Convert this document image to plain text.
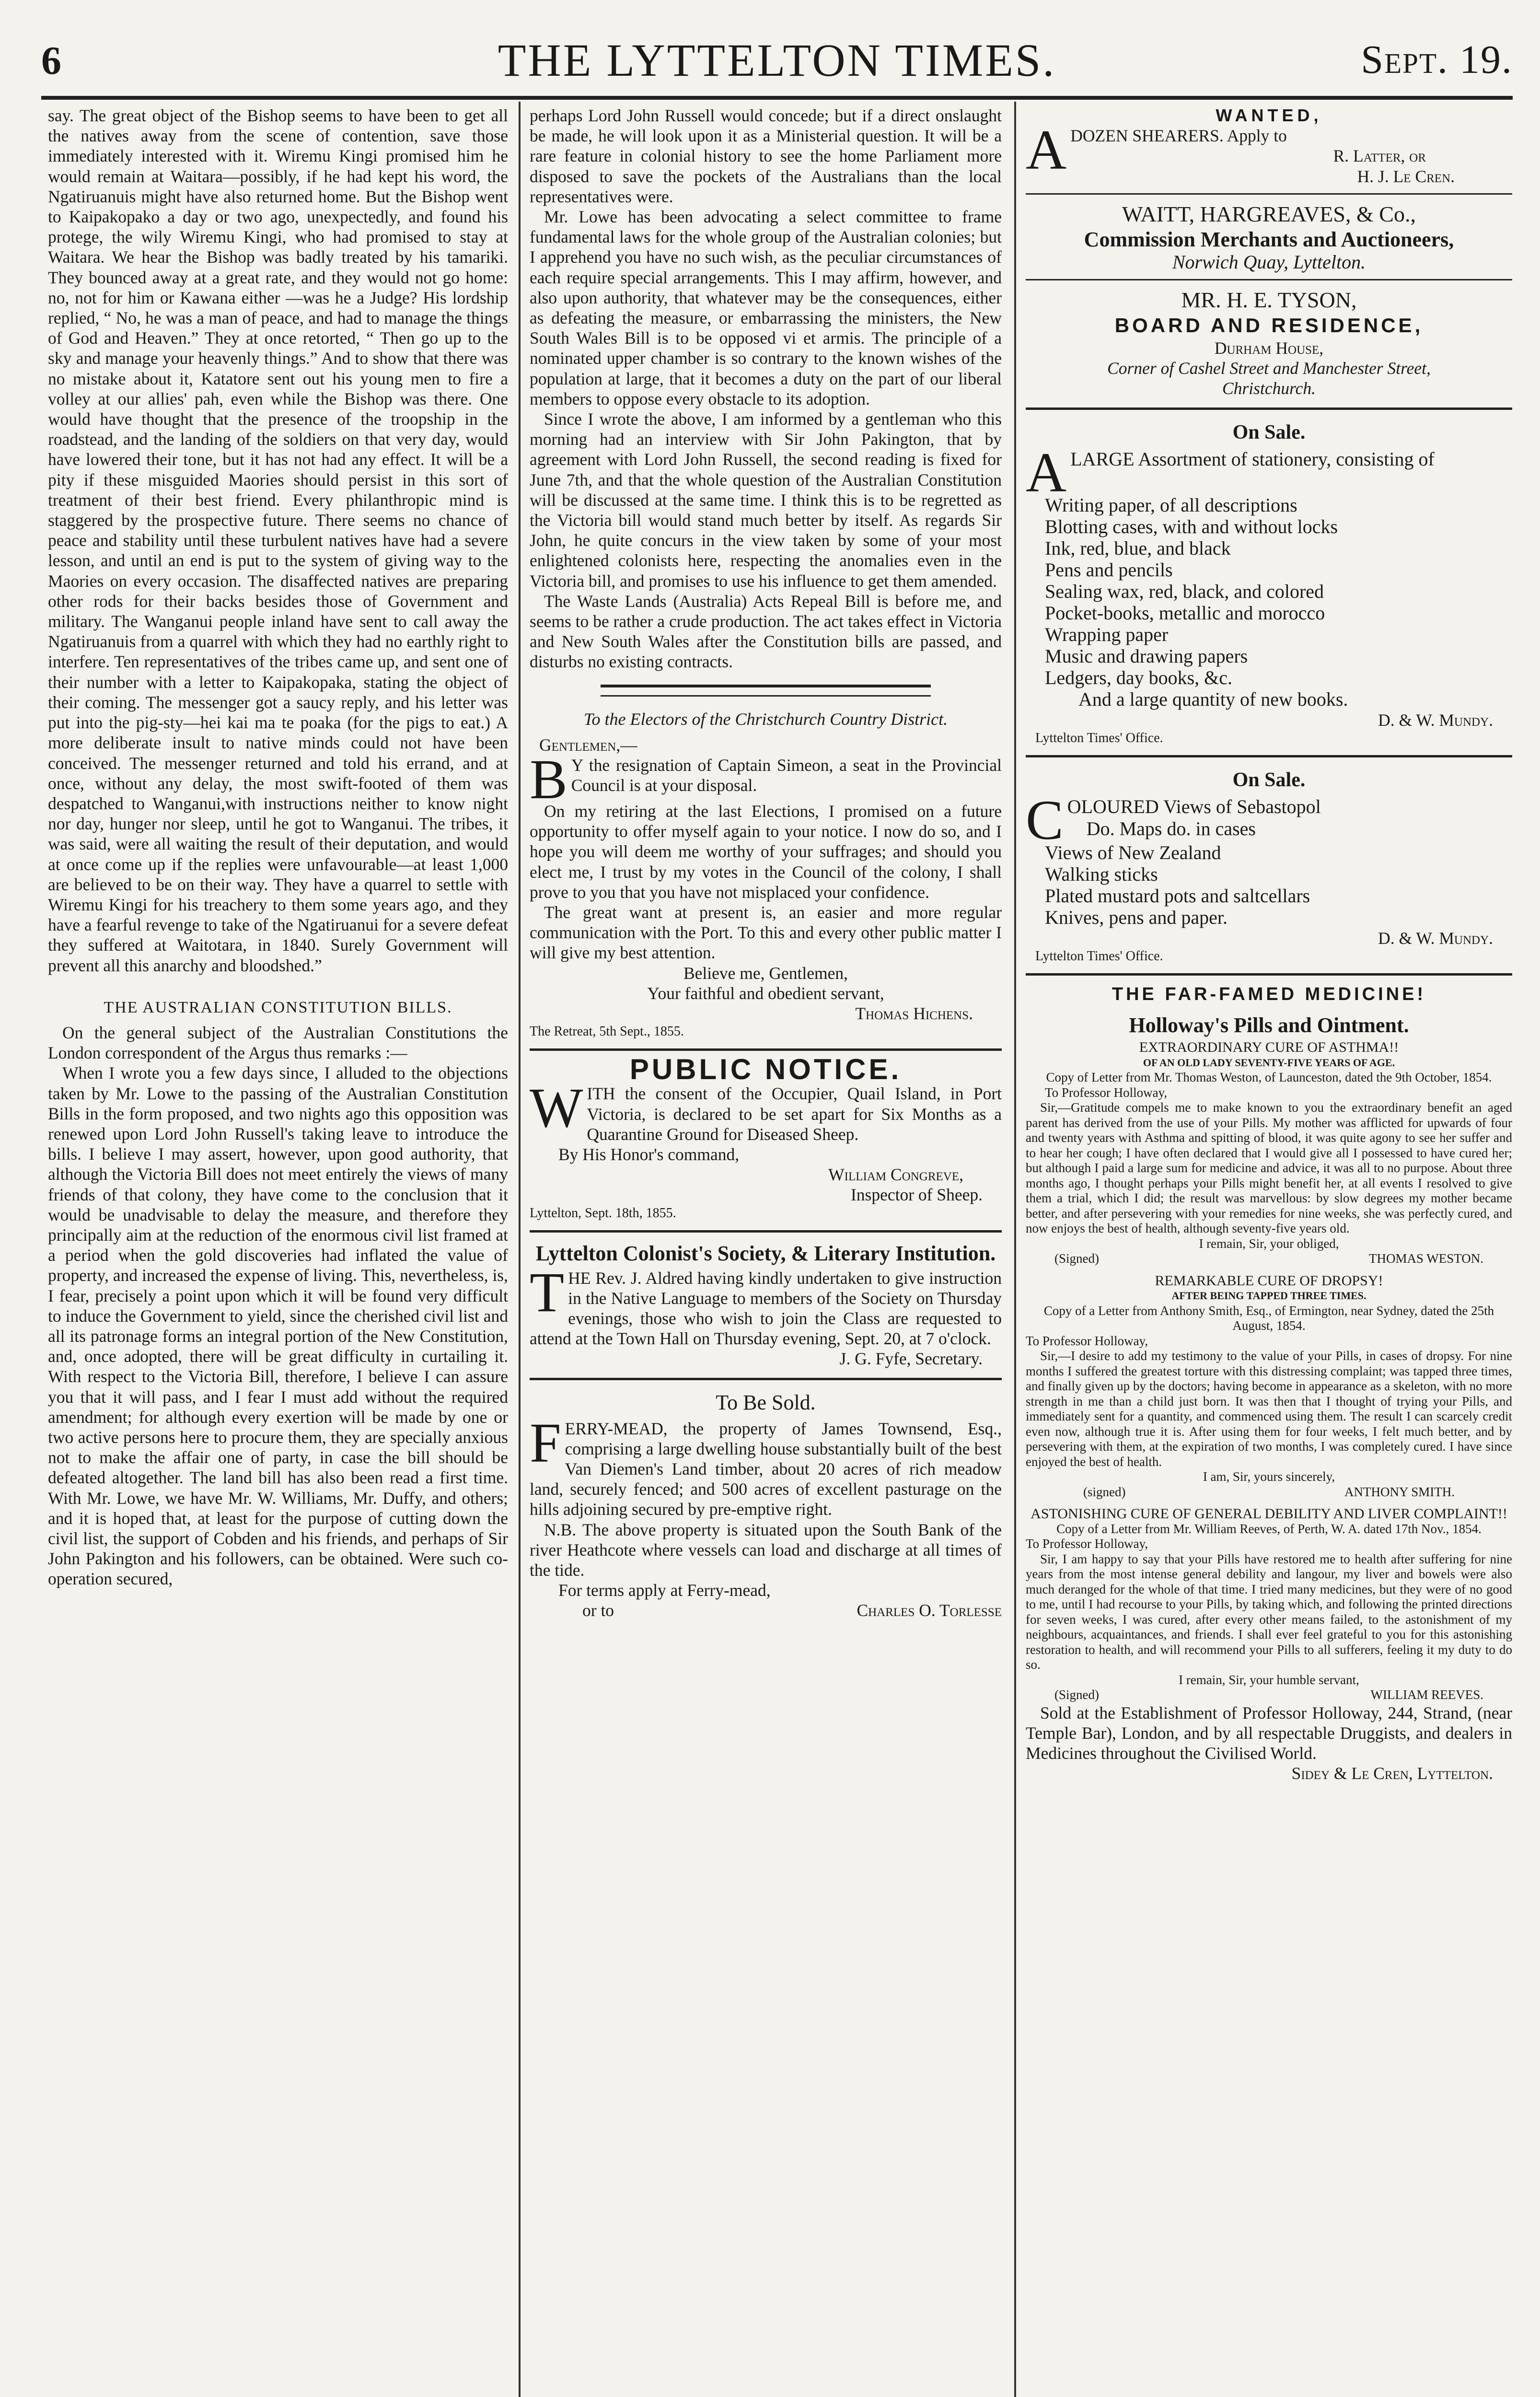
6	THE LYTTELTON TIMES.	Sept. 19.

say. The great object of the Bishop seems to have been to get all the natives away from the scene of contention, save those immediately interested with it. Wiremu Kingi promised him he would remain at Waitara—possibly, if he had kept his word, the Ngatiruanuis might have also returned home. But the Bishop went to Kaipakopako a day or two ago, unexpectedly, and found his protege, the wily Wiremu Kingi, who had promised to stay at Waitara. We hear the Bishop was badly treated by his tamariki. They bounced away at a great rate, and they would not go home: no, not for him or Kawana either —was he a Judge? His lordship replied, “ No, he was a man of peace, and had to manage the things of God and Heaven.” They at once retorted, “ Then go up to the sky and manage your heavenly things.” And to show that there was no mistake about it, Katatore sent out his young men to fire a volley at our allies' pah, even while the Bishop was there. One would have thought that the presence of the troopship in the roadstead, and the landing of the soldiers on that very day, would have lowered their tone, but it has not had any effect. It will be a pity if these misguided Maories should persist in this sort of treatment of their best friend. Every philanthropic mind is staggered by the prospective future. There seems no chance of peace and stability until these turbulent natives have had a severe lesson, and until an end is put to the system of giving way to the Maories on every occasion. The disaffected natives are preparing other rods for their backs besides those of Government and military. The Wanganui people inland have sent to call away the Ngatiruanuis from a quarrel with which they had no earthly right to interfere. Ten representatives of the tribes came up, and sent one of their number with a letter to Kaipakopaka, stating the object of their coming. The messenger got a saucy reply, and his letter was put into the pig-sty—hei kai ma te poaka (for the pigs to eat.) A more deliberate insult to native minds could not have been conceived. The messenger returned and told his errand, and at once, without any delay, the most swift-footed of them was despatched to Wanganui,with instructions neither to know night nor day, hunger nor sleep, until he got to Wanganui. The tribes, it was said, were all waiting the result of their deputation, and would at once come up if the replies were unfavourable—at least 1,000 are believed to be on their way. They have a quarrel to settle with Wiremu Kingi for his treachery to them some years ago, and they have a fearful revenge to take of the Ngatiruanui for a severe defeat they suffered at Waitotara, in 1840. Surely Government will prevent all this anarchy and bloodshed.”

THE AUSTRALIAN CONSTITUTION BILLS.

On the general subject of the Australian Constitutions the London correspondent of the Argus thus remarks :—

When I wrote you a few days since, I alluded to the objections taken by Mr. Lowe to the passing of the Australian Constitution Bills in the form proposed, and two nights ago this opposition was renewed upon Lord John Russell's taking leave to introduce the bills. I believe I may assert, however, upon good authority, that although the Victoria Bill does not meet entirely the views of many friends of that colony, they have come to the conclusion that it would be unadvisable to delay the measure, and therefore they principally aim at the reduction of the enormous civil list framed at a period when the gold discoveries had inflated the value of property, and increased the expense of living. This, nevertheless, is, I fear, precisely a point upon which it will be found very difficult to induce the Government to yield, since the cherished civil list and all its patronage forms an integral portion of the New Constitution, and, once adopted, there will be great difficulty in curtailing it. With respect to the Victoria Bill, therefore, I believe I can assure you that it will pass, and I fear I must add without the required amendment; for although every exertion will be made by one or two active persons here to procure them, they are specially anxious not to make the affair one of party, in case the bill should be defeated altogether. The land bill has also been read a first time. With Mr. Lowe, we have Mr. W. Williams, Mr. Duffy, and others; and it is hoped that, at least for the purpose of cutting down the civil list, the support of Cobden and his friends, and perhaps of Sir John Pakington and his followers, can be obtained. Were such co-operation secured,

perhaps Lord John Russell would concede; but if a direct onslaught be made, he will look upon it as a Ministerial question. It will be a rare feature in colonial history to see the home Parliament more disposed to save the pockets of the Australians than the local representatives were.

Mr. Lowe has been advocating a select committee to frame fundamental laws for the whole group of the Australian colonies; but I apprehend you have no such wish, as the peculiar circumstances of each require special arrangements. This I may affirm, however, and also upon authority, that whatever may be the consequences, either as defeating the measure, or embarrassing the ministers, the New South Wales Bill is to be opposed vi et armis. The principle of a nominated upper chamber is so contrary to the known wishes of the population at large, that it becomes a duty on the part of our liberal members to oppose every obstacle to its adoption.

Since I wrote the above, I am informed by a gentleman who this morning had an interview with Sir John Pakington, that by agreement with Lord John Russell, the second reading is fixed for June 7th, and that the whole question of the Australian Constitution will be discussed at the same time. I think this is to be regretted as the Victoria bill would stand much better by itself. As regards Sir John, he quite concurs in the view taken by some of your most enlightened colonists here, respecting the anomalies even in the Victoria bill, and promises to use his influence to get them amended.

The Waste Lands (Australia) Acts Repeal Bill is before me, and seems to be rather a crude production. The act takes effect in Victoria and New South Wales after the Constitution bills are passed, and disturbs no existing contracts.

To the Electors of the Christchurch Country District.

Gentlemen,—

B Y the resignation of Captain Simeon, a seat in the Provincial Council is at your disposal.

On my retiring at the last Elections, I promised on a future opportunity to offer myself again to your notice. I now do so, and I hope you will deem me worthy of your suffrages; and should you elect me, I trust by my votes in the Council of the colony, I shall prove to you that you have not misplaced your confidence.

The great want at present is, an easier and more regular communication with the Port. To this and every other public matter I will give my best attention.

Believe me, Gentlemen,

Your faithful and obedient servant,

Thomas Hichens.

The Retreat, 5th Sept., 1855.

PUBLIC NOTICE.

WITH the consent of the Occupier, Quail Island, in Port Victoria, is declared to be set apart for Six Months as a Quarantine Ground for Diseased Sheep.

By His Honor's command,

William Congreve,

Inspector of Sheep.

Lyttelton, Sept. 18th, 1855.

Lyttelton Colonist's Society, & Literary Institution.

THE Rev. J. Aldred having kindly undertaken to give instruction in the Native Language to members of the Society on Thursday evenings, those who wish to join the Class are requested to attend at the Town Hall on Thursday evening, Sept. 20, at 7 o'clock.

J. G. Fyfe, Secretary.

To Be Sold.

FERRY-MEAD, the property of James Townsend, Esq., comprising a large dwelling house substantially built of the best Van Diemen's Land timber, about 20 acres of rich meadow land, securely fenced; and 500 acres of excellent pasturage on the hills adjoining secured by pre-emptive right.

N.B. The above property is situated upon the South Bank of the river Heathcote where vessels can load and discharge at all times of the tide.

For terms apply at Ferry-mead,

or to	Charles O. Torlesse
WANTED,

ADOZEN SHEARERS. Apply to

R. Latter, or

H. J. Le Cren.

WAITT, HARGREAVES, & Co.,
Commission Merchants and Auctioneers,
Norwich Quay, Lyttelton.
MR. H. E. TYSON,
BOARD AND RESIDENCE,
Durham House,
Corner of Cashel Street and Manchester Street,
Christchurch.
On Sale.

ALARGE Assortment of stationery, consisting of

Writing paper, of all descriptions

Blotting cases, with and without locks

Ink, red, blue, and black

Pens and pencils

Sealing wax, red, black, and colored

Pocket-books, metallic and morocco

Wrapping paper

Music and drawing papers

Ledgers, day books, &c.

And a large quantity of new books.

D. & W. Mundy.

Lyttelton Times' Office.

On Sale.

COLOURED Views of Sebastopol
Do. Maps do. in cases

Views of New Zealand

Walking sticks

Plated mustard pots and saltcellars

Knives, pens and paper.

D. & W. Mundy.

Lyttelton Times' Office.

THE FAR-FAMED MEDICINE!
Holloway's Pills and Ointment.

EXTRAORDINARY CURE OF ASTHMA!!

OF AN OLD LADY SEVENTY-FIVE YEARS OF AGE.

Copy of Letter from Mr. Thomas Weston, of Launceston, dated the 9th October, 1854.

To Professor Holloway,

Sir,—Gratitude compels me to make known to you the extraordinary benefit an aged parent has derived from the use of your Pills. My mother was afflicted for upwards of four and twenty years with Asthma and spitting of blood, it was quite agony to see her suffer and to hear her cough; I have often declared that I would give all I possessed to have cured her; but although I paid a large sum for medicine and advice, it was all to no purpose. About three months ago, I thought perhaps your Pills might benefit her, at all events I resolved to give them a trial, which I did; the result was marvellous: by slow degrees my mother became better, and after persevering with your remedies for nine weeks, she was perfectly cured, and now enjoys the best of health, although seventy-five years old.

I remain, Sir, your obliged,

(Signed)	THOMAS WESTON.

REMARKABLE CURE OF DROPSY!

AFTER BEING TAPPED THREE TIMES.

Copy of a Letter from Anthony Smith, Esq., of Ermington, near Sydney, dated the 25th August, 1854.

To Professor Holloway,

Sir,—I desire to add my testimony to the value of your Pills, in cases of dropsy. For nine months I suffered the greatest torture with this distressing complaint; was tapped three times, and finally given up by the doctors; having become in appearance as a skeleton, with no more strength in me than a child just born. It was then that I thought of trying your Pills, and immediately sent for a quantity, and commenced using them. The result I can scarcely credit even now, although true it is. After using them for four weeks, I felt much better, and by persevering with them, at the expiration of two months, I was completely cured. I have since enjoyed the best of health.

I am, Sir, yours sincerely,

(signed)	ANTHONY SMITH.

ASTONISHING CURE OF GENERAL DEBILITY AND LIVER COMPLAINT!!

Copy of a Letter from Mr. William Reeves, of Perth, W. A. dated 17th Nov., 1854.

To Professor Holloway,

Sir, I am happy to say that your Pills have restored me to health after suffering for nine years from the most intense general debility and langour, my liver and bowels were also much deranged for the whole of that time. I tried many medicines, but they were of no good to me, until I had recourse to your Pills, by taking which, and following the printed directions for seven weeks, I was cured, after every other means failed, to the astonishment of my neighbours, acquaintances, and friends. I shall ever feel grateful to you for this astonishing restoration to health, and will recommend your Pills to all sufferers, feeling it my duty to do so.

I remain, Sir, your humble servant,

(Signed)	WILLIAM REEVES.

Sold at the Establishment of Professor Holloway, 244, Strand, (near Temple Bar), London, and by all respectable Druggists, and dealers in Medicines throughout the Civilised World.

Sidey & Le Cren, Lyttelton.
